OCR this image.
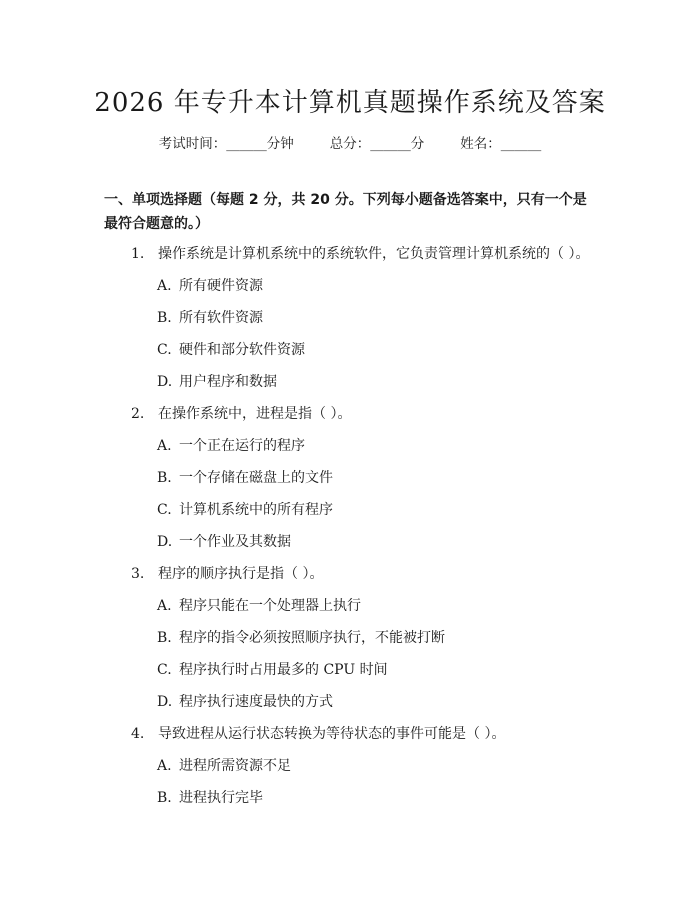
2026 年专升本计算机真题操作系统及答案
考试时间：______分钟	总分：______分	姓名：______
一、单项选择题（每题 2 分，共 20 分。下列每小题备选答案中，只有一个是最符合题意的。）
1. 操作系统是计算机系统中的系统软件，它负责管理计算机系统的（ ）。
A. 所有硬件资源
B. 所有软件资源
C. 硬件和部分软件资源
D. 用户程序和数据
2. 在操作系统中，进程是指（ ）。
A. 一个正在运行的程序
B. 一个存储在磁盘上的文件
C. 计算机系统中的所有程序
D. 一个作业及其数据
3. 程序的顺序执行是指（ ）。
A. 程序只能在一个处理器上执行
B. 程序的指令必须按照顺序执行，不能被打断
C. 程序执行时占用最多的 CPU 时间
D. 程序执行速度最快的方式
4. 导致进程从运行状态转换为等待状态的事件可能是（ ）。
A. 进程所需资源不足
B. 进程执行完毕
